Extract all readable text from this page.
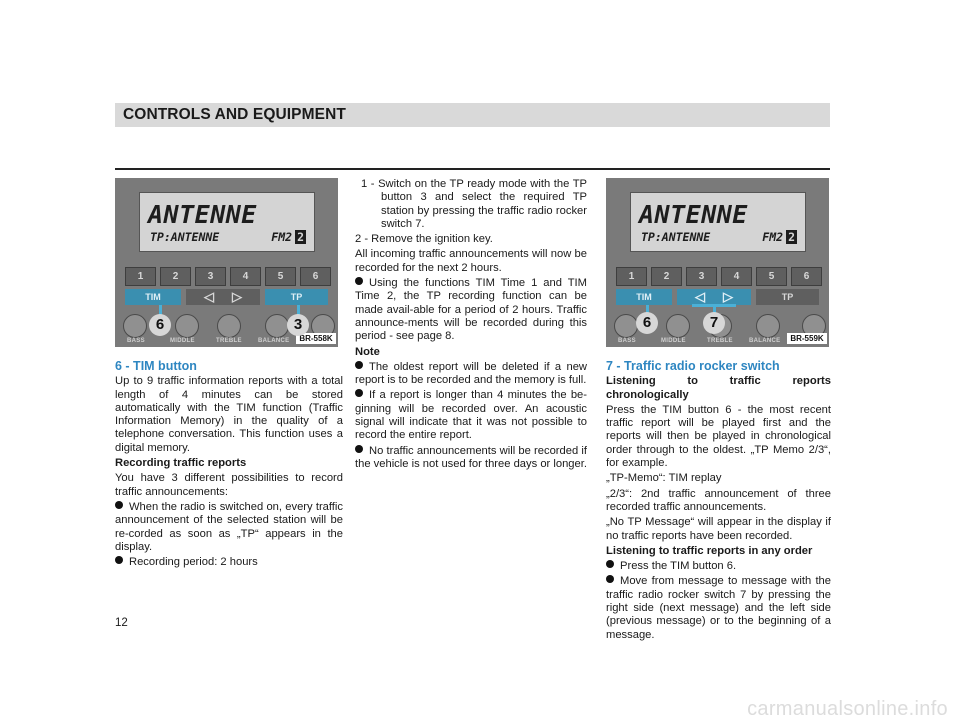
CONTROLS AND EQUIPMENT
ANTENNE
TP:ANTENNE	FM2 2
1	2	3	4	5	6
TIM	◁ ▷	TP
BASS	MIDDLE	TREBLE	BALANCE	BR-558K
6	3
ANTENNE
TP:ANTENNE	FM2 2
1	2	3	4	5	6
TIM	◁ ▷	TP
BASS	MIDDLE	TREBLE	BALANCE	BR-559K
6	7

6 - TIM button

Up to 9 traffic information reports with a total length of 4 minutes can be stored automatically with the TIM function (Traffic Information Memory) in the quality of a telephone conversation. This function uses a digital memory.

Recording traffic reports

You have 3 different possibilities to record traffic announcements:

When the radio is switched on, every traffic announcement of the selected station will be re-corded as soon as „TP“ appears in the display.

Recording period: 2 hours

1 - Switch on the TP ready mode with the TP button 3 and select the required TP station by pressing the traffic radio rocker switch 7.

2 - Remove the ignition key.

All incoming traffic announcements will now be recorded for the next 2 hours.

Using the functions TIM Time 1 and TIM Time 2, the TP recording function can be made avail-able for a period of 2 hours. Traffic announce-ments will be recorded during this period - see page 8.

Note

The oldest report will be deleted if a new report is to be recorded and the memory is full.

If a report is longer than 4 minutes the be-ginning will be recorded over. An acoustic signal will indicate that it was not possible to record the entire report.

No traffic announcements will be recorded if the vehicle is not used for three days or longer.

7 - Traffic radio rocker switch

Listening to traffic reports chronologically

Press the TIM button 6 - the most recent traffic report will be played first and the reports will then be played in chronological order through to the oldest. „TP Memo 2/3“, for example.

„TP-Memo“: TIM replay

„2/3“: 2nd traffic announcement of three recorded traffic announcements.

„No TP Message“ will appear in the display if no traffic reports have been recorded.

Listening to traffic reports in any order

Press the TIM button 6.

Move from message to message with the traffic radio rocker switch 7 by pressing the right side (next message) and the left side (previous message) or to the beginning of a message.

12
carmanualsonline.info
